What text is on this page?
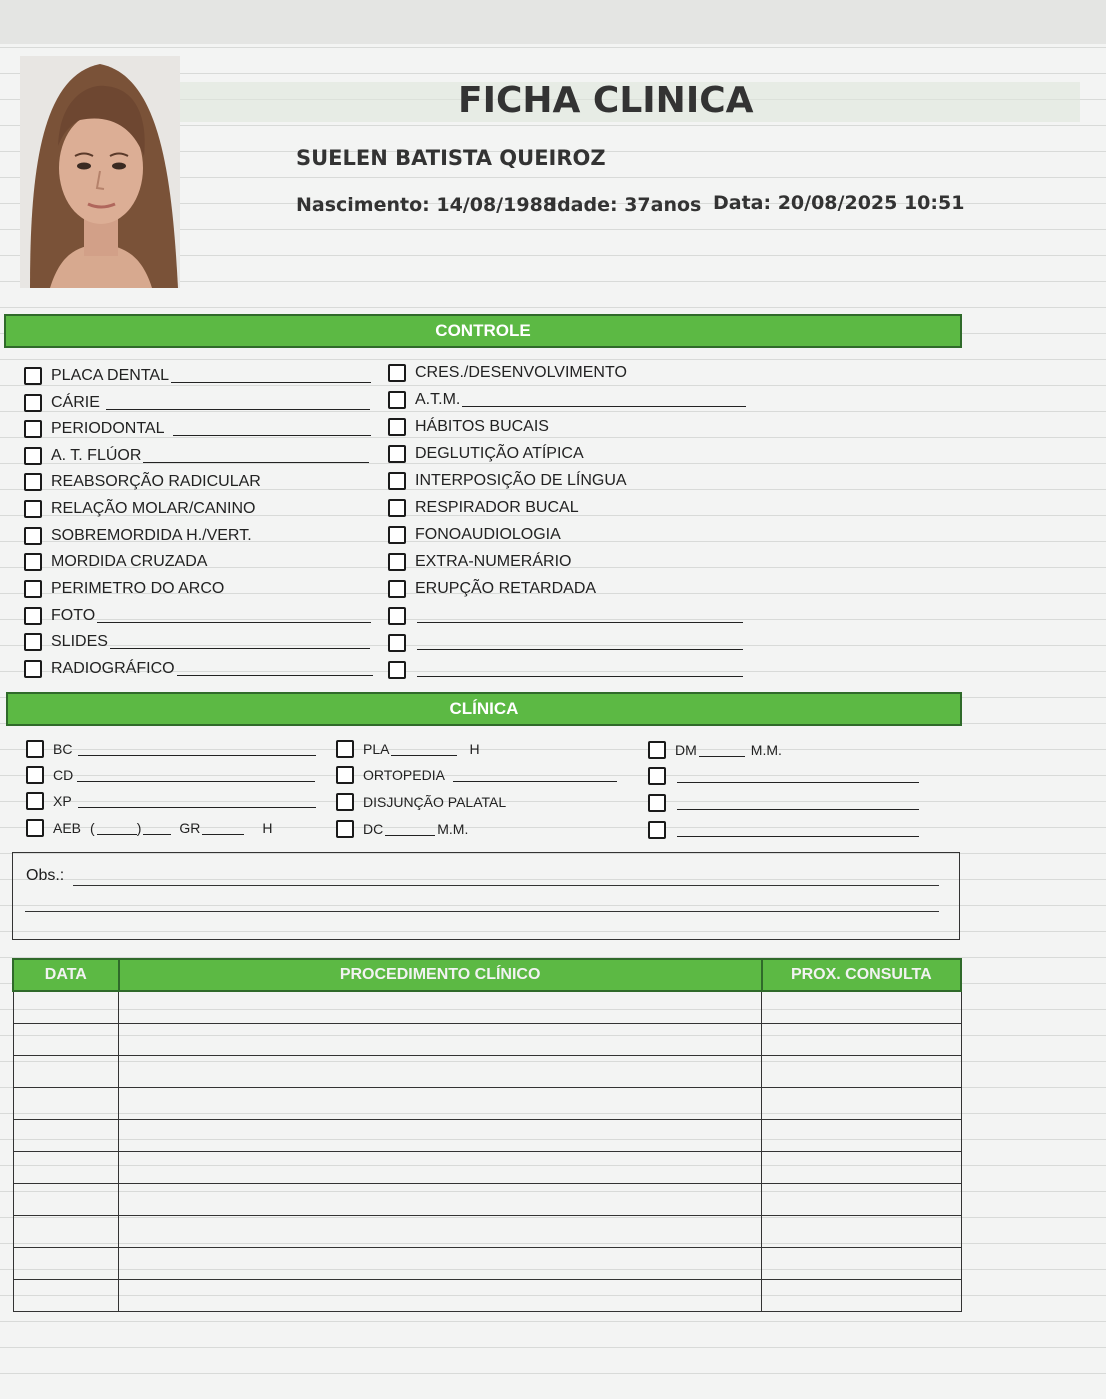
FICHA CLINICA
SUELEN BATISTA QUEIROZ
Nascimento: 14/08/1988
Idade: 37anos Data: 20/08/2025 10:51
CONTROLE
PLACA DENTAL
CÁRIE
PERIODONTAL
A. T. FLÚOR
REABSORÇÃO RADICULAR
RELAÇÃO MOLAR/CANINO
SOBREMORDIDA H./VERT.
MORDIDA CRUZADA
PERIMETRO DO ARCO
FOTO
SLIDES
RADIOGRÁFICO
CRES./DESENVOLVIMENTO
A.T.M.
HÁBITOS BUCAIS
DEGLUTIÇÃO ATÍPICA
INTERPOSIÇÃO DE LÍNGUA
RESPIRADOR BUCAL
FONOAUDIOLOGIA
EXTRA-NUMERÁRIO
ERUPÇÃO RETARDADA
CLÍNICA
BC
CD
XP
AEB (	)	GR	H
PLA	H
ORTOPEDIA
DISJUNÇÃO PALATAL
DC	M.M.
DM	M.M.
Obs.:
DATA	PROCEDIMENTO CLÍNICO	PROX. CONSULTA
